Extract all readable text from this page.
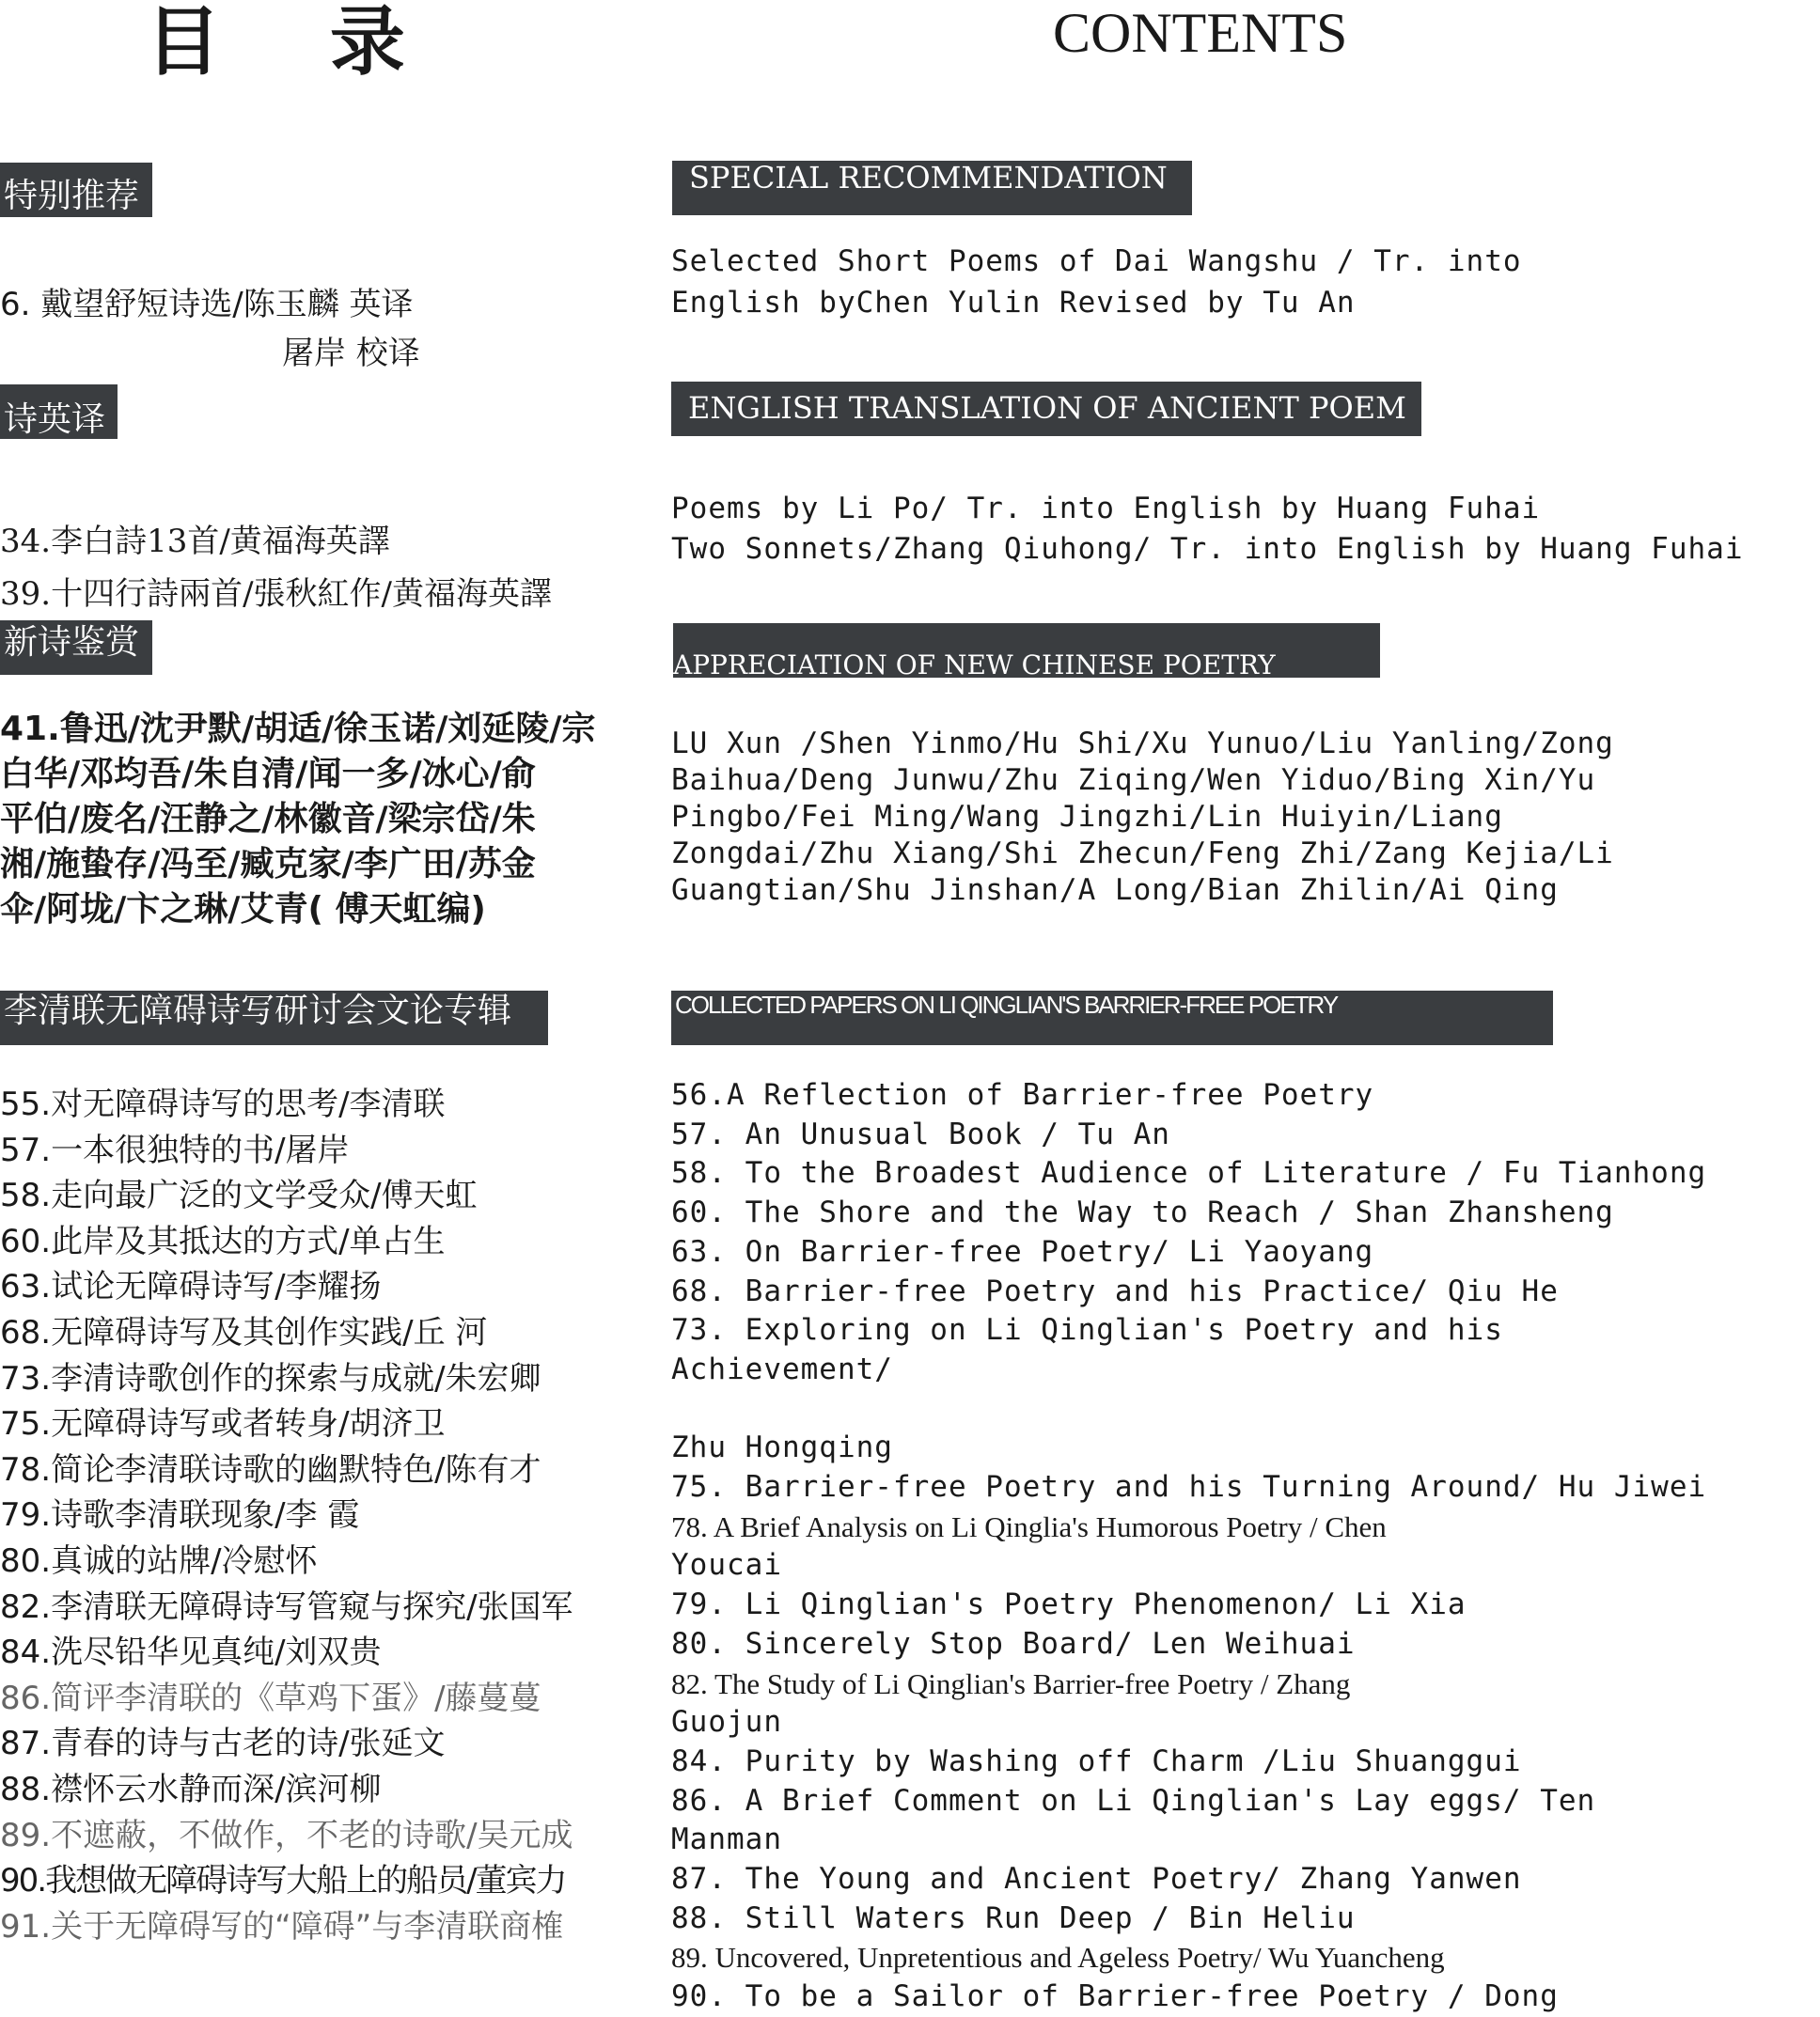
目 录	CONTENTS
特别推荐	SPECIAL RECOMMENDATION
6. 戴望舒短诗选/陈玉麟 英译
屠岸 校译
Selected Short Poems of Dai Wangshu / Tr. into
English byChen Yulin Revised by Tu An
诗英译	ENGLISH TRANSLATION OF ANCIENT POEM
34.李白詩13首/黄福海英譯
39.十四行詩兩首/張秋紅作/黄福海英譯
Poems by Li Po/ Tr. into English by Huang Fuhai
Two Sonnets/Zhang Qiuhong/ Tr. into English by Huang Fuhai
新诗鉴赏
APPRECIATION OF NEW CHINESE POETRY
41.鲁迅/沈尹默/胡适/徐玉诺/刘延陵/宗
白华/邓均吾/朱自清/闻一多/冰心/俞
平伯/废名/汪静之/林徽音/梁宗岱/朱
湘/施蛰存/冯至/臧克家/李广田/苏金
伞/阿垅/卞之琳/艾青( 傅天虹编)
LU Xun /Shen Yinmo/Hu Shi/Xu Yunuo/Liu Yanling/Zong
Baihua/Deng Junwu/Zhu Ziqing/Wen Yiduo/Bing Xin/Yu
Pingbo/Fei Ming/Wang Jingzhi/Lin Huiyin/Liang
Zongdai/Zhu Xiang/Shi Zhecun/Feng Zhi/Zang Kejia/Li
Guangtian/Shu Jinshan/A Long/Bian Zhilin/Ai Qing
李清联无障碍诗写研讨会文论专辑	COLLECTED PAPERS ON LI QINGLIAN'S BARRIER-FREE POETRY
55.对无障碍诗写的思考/李清联
57.一本很独特的书/屠岸
58.走向最广泛的文学受众/傅天虹
60.此岸及其抵达的方式/单占生
63.试论无障碍诗写/李耀扬
68.无障碍诗写及其创作实践/丘 河
73.李清诗歌创作的探索与成就/朱宏卿
75.无障碍诗写或者转身/胡济卫
78.简论李清联诗歌的幽默特色/陈有才
79.诗歌李清联现象/李 霞
80.真诚的站牌/冷慰怀
82.李清联无障碍诗写管窥与探究/张国军
84.洗尽铅华见真纯/刘双贵
86.简评李清联的《草鸡下蛋》/藤蔓蔓
87.青春的诗与古老的诗/张延文
88.襟怀云水静而深/滨河柳
89.不遮蔽，不做作，不老的诗歌/吴元成
90.我想做无障碍诗写大船上的船员/董宾力
91.关于无障碍写的“障碍”与李清联商榷
56.A Reflection of Barrier-free Poetry
57. An Unusual Book / Tu An
58. To the Broadest Audience of Literature / Fu Tianhong
60. The Shore and the Way to Reach / Shan Zhansheng
63. On Barrier-free Poetry/ Li Yaoyang
68. Barrier-free Poetry and his Practice/ Qiu He
73. Exploring on Li Qinglian's Poetry and his
Achievement/
Zhu Hongqing
75. Barrier-free Poetry and his Turning Around/ Hu Jiwei
78. A Brief Analysis on Li Qinglia's Humorous Poetry / Chen
Youcai
79. Li Qinglian's Poetry Phenomenon/ Li Xia
80. Sincerely Stop Board/ Len Weihuai
82. The Study of Li Qinglian's Barrier-free Poetry / Zhang
Guojun
84. Purity by Washing off Charm /Liu Shuanggui
86. A Brief Comment on Li Qinglian's Lay eggs/ Ten
Manman
87. The Young and Ancient Poetry/ Zhang Yanwen
88. Still Waters Run Deep / Bin Heliu
89. Uncovered, Unpretentious and Ageless Poetry/ Wu Yuancheng
90. To be a Sailor of Barrier-free Poetry / Dong
